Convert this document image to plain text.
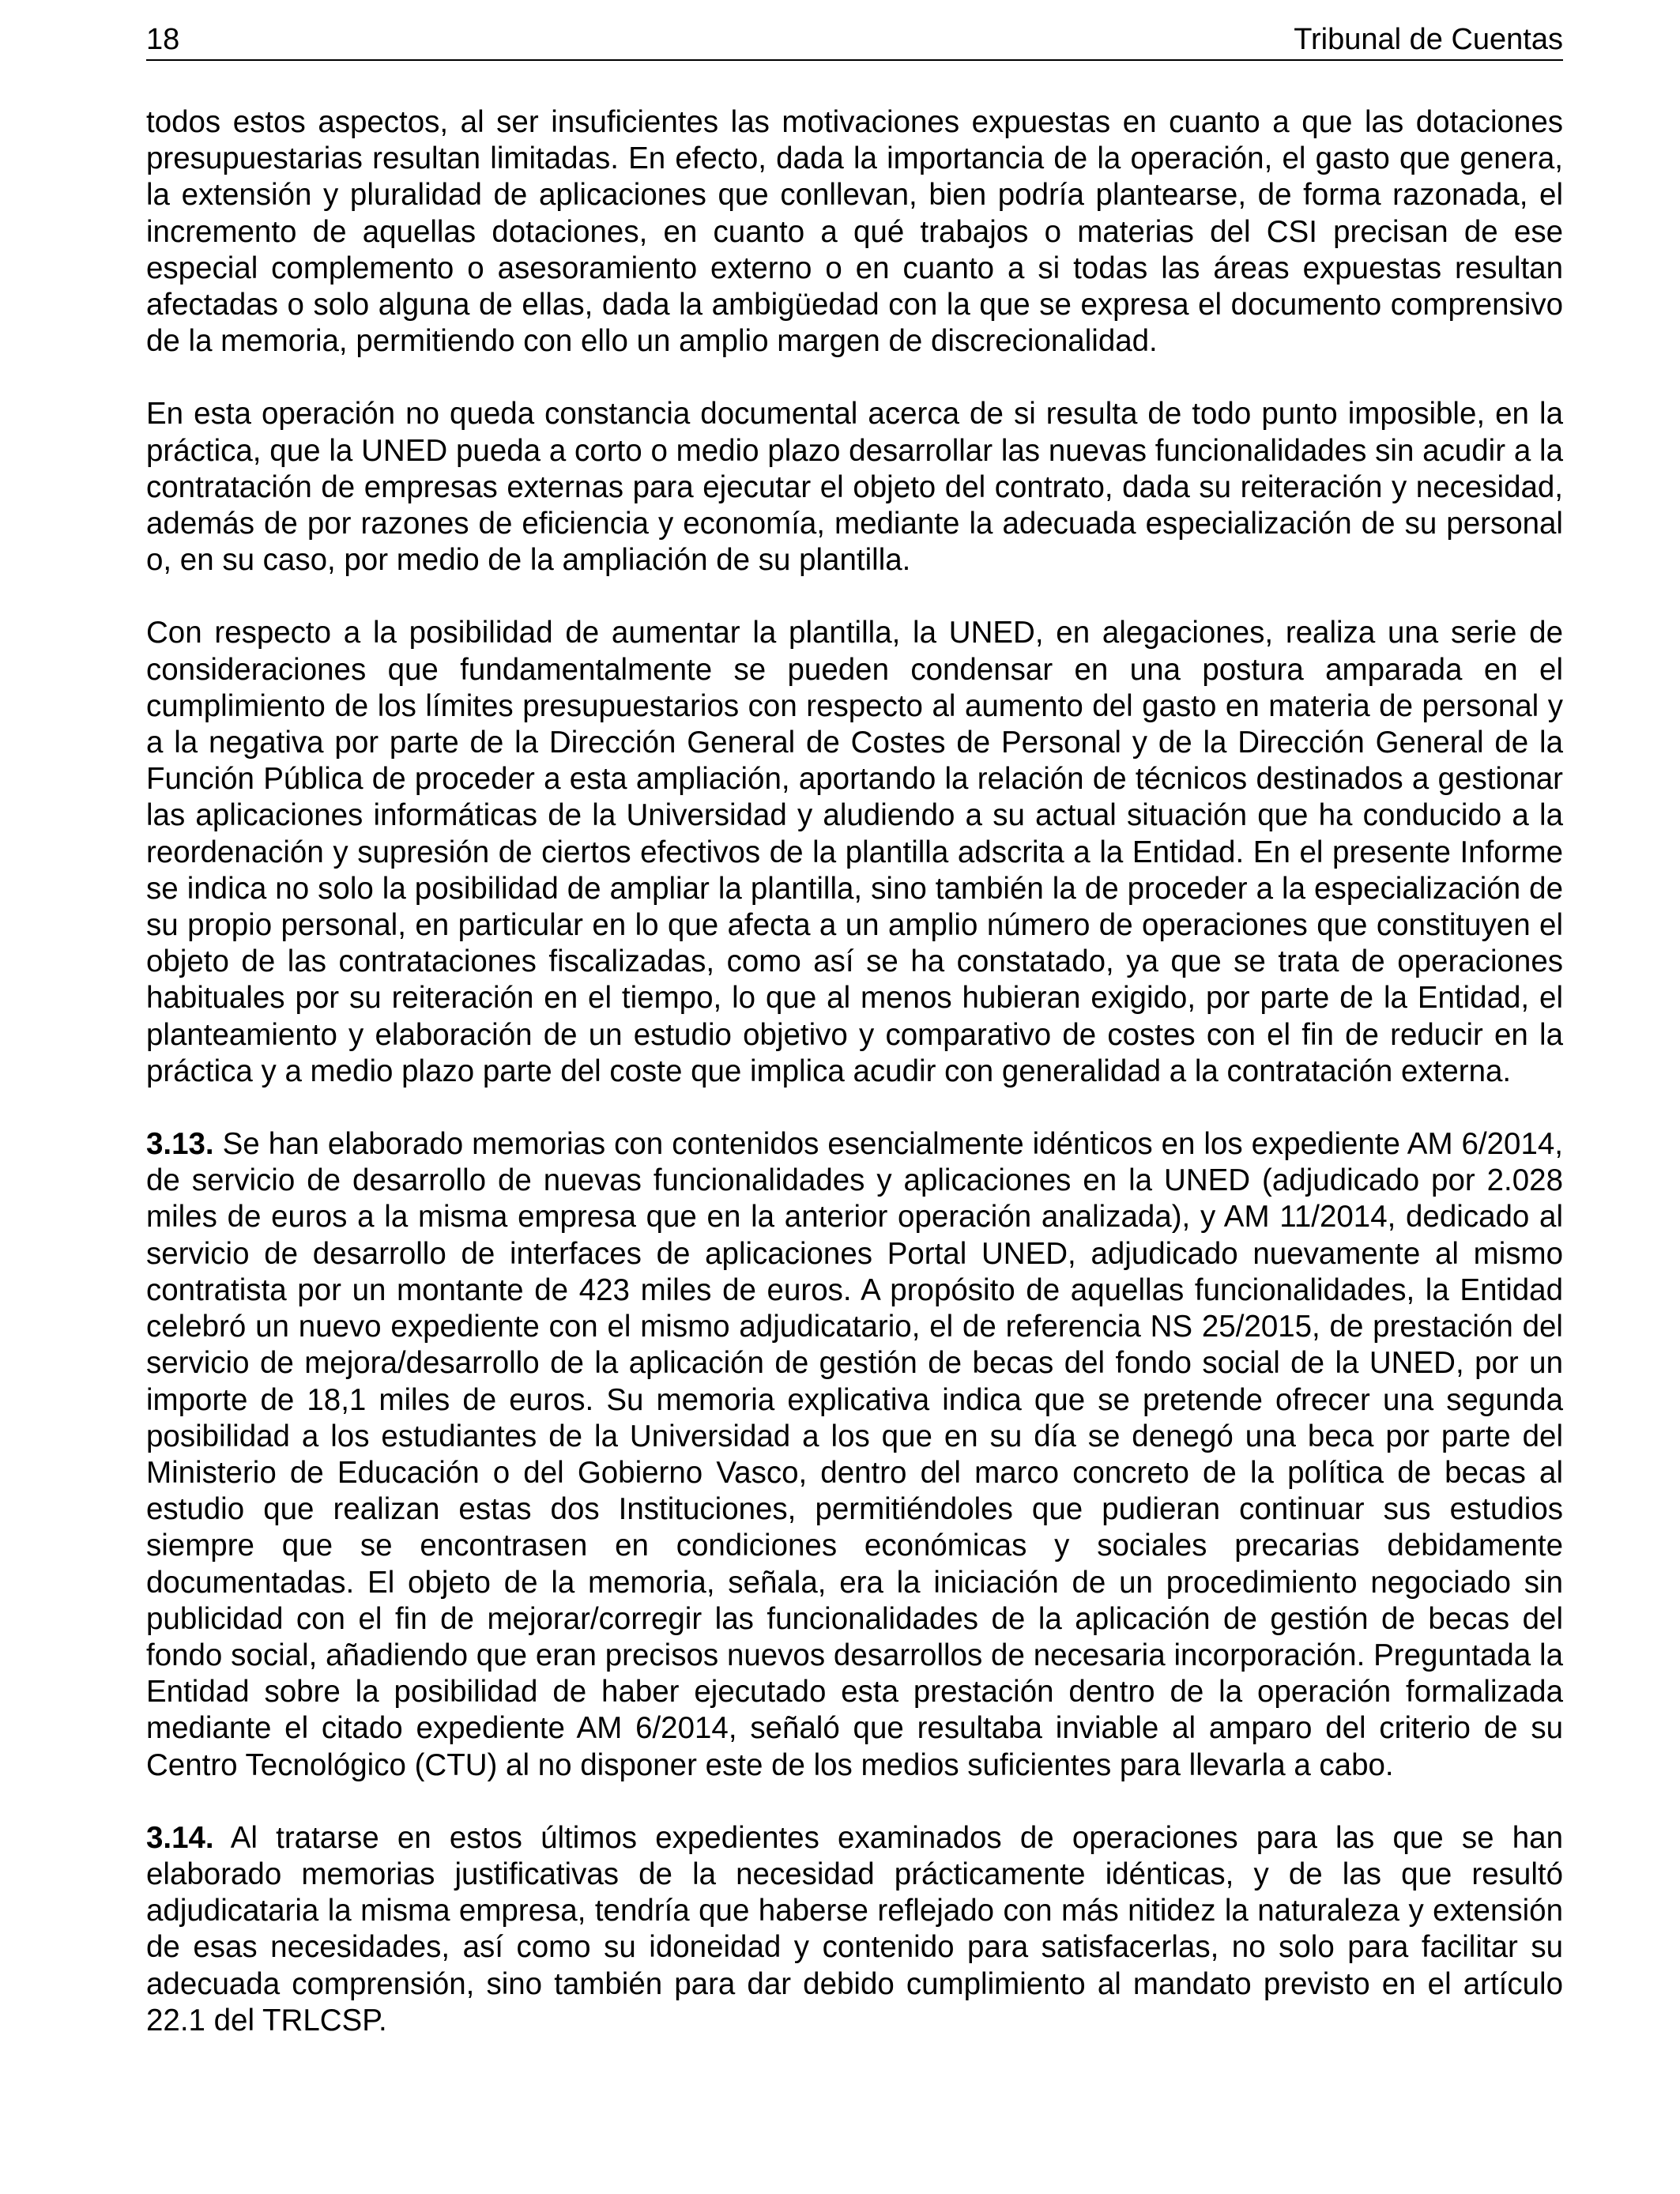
18	Tribunal de Cuentas

todos estos aspectos, al ser insuficientes las motivaciones expuestas en cuanto a que las dotaciones presupuestarias resultan limitadas. En efecto, dada la importancia de la operación, el gasto que genera, la extensión y pluralidad de aplicaciones que conllevan, bien podría plantearse, de forma razonada, el incremento de aquellas dotaciones, en cuanto a qué trabajos o materias del CSI precisan de ese especial complemento o asesoramiento externo o en cuanto a si todas las áreas expuestas resultan afectadas o solo alguna de ellas, dada la ambigüedad con la que se expresa el documento comprensivo de la memoria, permitiendo con ello un amplio margen de discrecionalidad.

En esta operación no queda constancia documental acerca de si resulta de todo punto imposible, en la práctica, que la UNED pueda a corto o medio plazo desarrollar las nuevas funcionalidades sin acudir a la contratación de empresas externas para ejecutar el objeto del contrato, dada su reiteración y necesidad, además de por razones de eficiencia y economía, mediante la adecuada especialización de su personal o, en su caso, por medio de la ampliación de su plantilla.

Con respecto a la posibilidad de aumentar la plantilla, la UNED, en alegaciones, realiza una serie de consideraciones que fundamentalmente se pueden condensar en una postura amparada en el cumplimiento de los límites presupuestarios con respecto al aumento del gasto en materia de personal y a la negativa por parte de la Dirección General de Costes de Personal y de la Dirección General de la Función Pública de proceder a esta ampliación, aportando la relación de técnicos destinados a gestionar las aplicaciones informáticas de la Universidad y aludiendo a su actual situación que ha conducido a la reordenación y supresión de ciertos efectivos de la plantilla adscrita a la Entidad. En el presente Informe se indica no solo la posibilidad de ampliar la plantilla, sino también la de proceder a la especialización de su propio personal, en particular en lo que afecta a un amplio número de operaciones que constituyen el objeto de las contrataciones fiscalizadas, como así se ha constatado, ya que se trata de operaciones habituales por su reiteración en el tiempo, lo que al menos hubieran exigido, por parte de la Entidad, el planteamiento y elaboración de un estudio objetivo y comparativo de costes con el fin de reducir en la práctica y a medio plazo parte del coste que implica acudir con generalidad a la contratación externa.

3.13. Se han elaborado memorias con contenidos esencialmente idénticos en los expediente AM 6/2014, de servicio de desarrollo de nuevas funcionalidades y aplicaciones en la UNED (adjudicado por 2.028 miles de euros a la misma empresa que en la anterior operación analizada), y AM 11/2014, dedicado al servicio de desarrollo de interfaces de aplicaciones Portal UNED, adjudicado nuevamente al mismo contratista por un montante de 423 miles de euros. A propósito de aquellas funcionalidades, la Entidad celebró un nuevo expediente con el mismo adjudicatario, el de referencia NS 25/2015, de prestación del servicio de mejora/desarrollo de la aplicación de gestión de becas del fondo social de la UNED, por un importe de 18,1 miles de euros. Su memoria explicativa indica que se pretende ofrecer una segunda posibilidad a los estudiantes de la Universidad a los que en su día se denegó una beca por parte del Ministerio de Educación o del Gobierno Vasco, dentro del marco concreto de la política de becas al estudio que realizan estas dos Instituciones, permitiéndoles que pudieran continuar sus estudios siempre que se encontrasen en condiciones económicas y sociales precarias debidamente documentadas. El objeto de la memoria, señala, era la iniciación de un procedimiento negociado sin publicidad con el fin de mejorar/corregir las funcionalidades de la aplicación de gestión de becas del fondo social, añadiendo que eran precisos nuevos desarrollos de necesaria incorporación. Preguntada la Entidad sobre la posibilidad de haber ejecutado esta prestación dentro de la operación formalizada mediante el citado expediente AM 6/2014, señaló que resultaba inviable al amparo del criterio de su Centro Tecnológico (CTU) al no disponer este de los medios suficientes para llevarla a cabo.

3.14. Al tratarse en estos últimos expedientes examinados de operaciones para las que se han elaborado memorias justificativas de la necesidad prácticamente idénticas, y de las que resultó adjudicataria la misma empresa, tendría que haberse reflejado con más nitidez la naturaleza y extensión de esas necesidades, así como su idoneidad y contenido para satisfacerlas, no solo para facilitar su adecuada comprensión, sino también para dar debido cumplimiento al mandato previsto en el artículo 22.1 del TRLCSP.
